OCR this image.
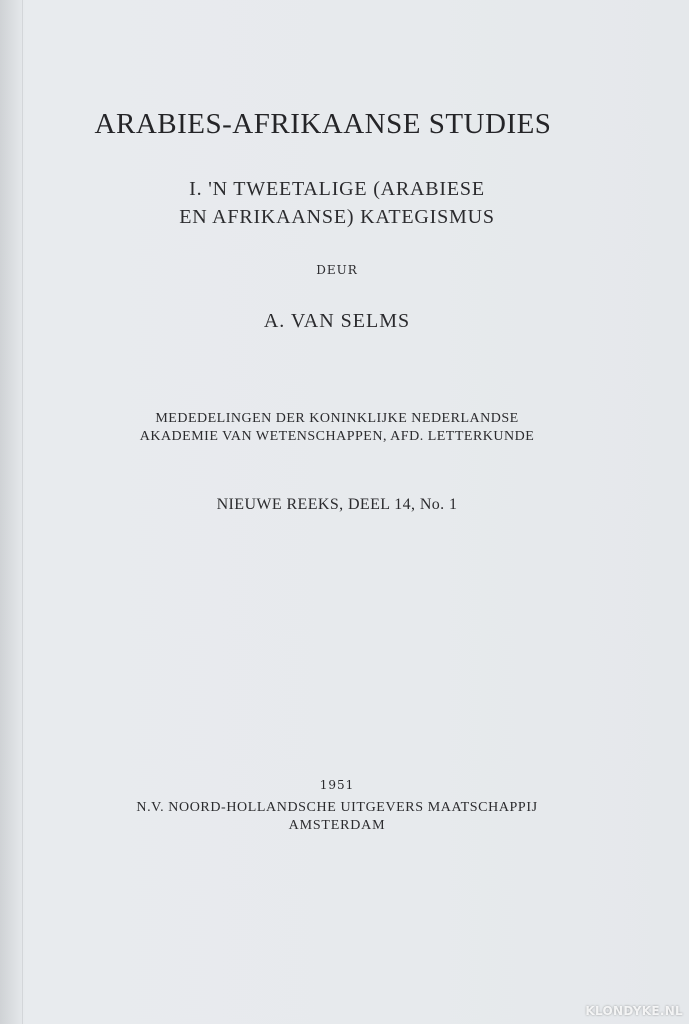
ARABIES-AFRIKAANSE STUDIES
I. 'N TWEETALIGE (ARABIESE
EN AFRIKAANSE) KATEGISMUS
DEUR
A. VAN SELMS
MEDEDELINGEN DER KONINKLIJKE NEDERLANDSE
AKADEMIE VAN WETENSCHAPPEN, AFD. LETTERKUNDE
NIEUWE REEKS, DEEL 14, No. 1
1951
N.V. NOORD-HOLLANDSCHE UITGEVERS MAATSCHAPPIJ
AMSTERDAM
KLONDYKE.NL
